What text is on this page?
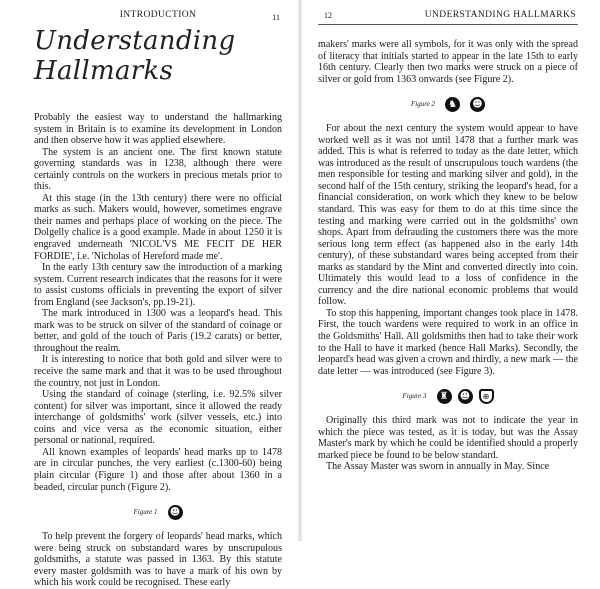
INTRODUCTION	11
Understanding Hallmarks

Probably the easiest way to understand the hallmarking system in Britain is to examine its development in London and then observe how it was applied elsewhere.

The system is an ancient one. The first known statute governing standards was in 1238, although there were certainly controls on the workers in precious metals prior to this.

At this stage (in the 13th century) there were no official marks as such. Makers would, however, sometimes engrave their names and perhaps place of working on the piece. The Dolgelly chalice is a good example. Made in about 1250 it is engraved underneath 'NICOL'VS ME FECIT DE HER FORDIE', i.e. 'Nicholas of Hereford made me'.

In the early 13th century saw the introduction of a marking system. Current research indicates that the reasons for it were to assist customs officials in preventing the export of silver from England (see Jackson's, pp.19-21).

The mark introduced in 1300 was a leopard's head. This mark was to be struck on silver of the standard of coinage or better, and gold of the touch of Paris (19.2 carats) or better, throughout the realm.

It is interesting to notice that both gold and silver were to receive the same mark and that it was to be used throughout the country, not just in London.

Using the standard of coinage (sterling, i.e. 92.5% silver content) for silver was important, since it allowed the ready interchange of goldsmiths' work (silver vessels, etc.) into coins and vice versa as the economic situation, either personal or national, required.

All known examples of leopards' head marks up to 1478 are in circular punches, the very earliest (c.1300-60) being plain circular (Figure 1) and those after about 1360 in a beaded, circular punch (Figure 2).

Figure 1 ☻

To help prevent the forgery of leopards' head marks, which were being struck on substandard wares by unscrupulous goldsmiths, a statute was passed in 1363. By this statute every master goldsmith was to have a mark of his own by which his work could be recognised. These early

12	UNDERSTANDING HALLMARKS

makers' marks were all symbols, for it was only with the spread of literacy that initials started to appear in the late 15th to early 16th century. Clearly then two marks were struck on a piece of silver or gold from 1363 onwards (see Figure 2).

Figure 2	♞	☻

For about the next century the system would appear to have worked well as it was not until 1478 that a further mark was added. This is what is referred to today as the date letter, which was introduced as the result of unscrupulous touch wardens (the men responsible for testing and marking silver and gold), in the second half of the 15th century, striking the leopard's head, for a financial consideration, on work which they knew to be below standard. This was easy for them to do at this time since the testing and marking were carried out in the goldsmiths' own shops. Apart from defrauding the customers there was the more serious long term effect (as happened also in the early 14th century), of these substandard wares being accepted from their marks as standard by the Mint and converted directly into coin. Ultimately this would lead to a loss of confidence in the currency and the dire national economic problems that would follow.

To stop this happening, important changes took place in 1478. First, the touch wardens were required to work in an office in the Goldsmiths' Hall. All goldsmiths then had to take their work to the Hall to have it marked (hence Hall Marks). Secondly, the leopard's head was given a crown and thirdly, a new mark — the date letter — was introduced (see Figure 3).

Figure 3	♜	☻	⊕

Originally this third mark was not to indicate the year in which the piece was tested, as it is today, but was the Assay Master's mark by which he could be identified should a properly marked piece be found to be below standard.

The Assay Master was sworn in annually in May. Since
